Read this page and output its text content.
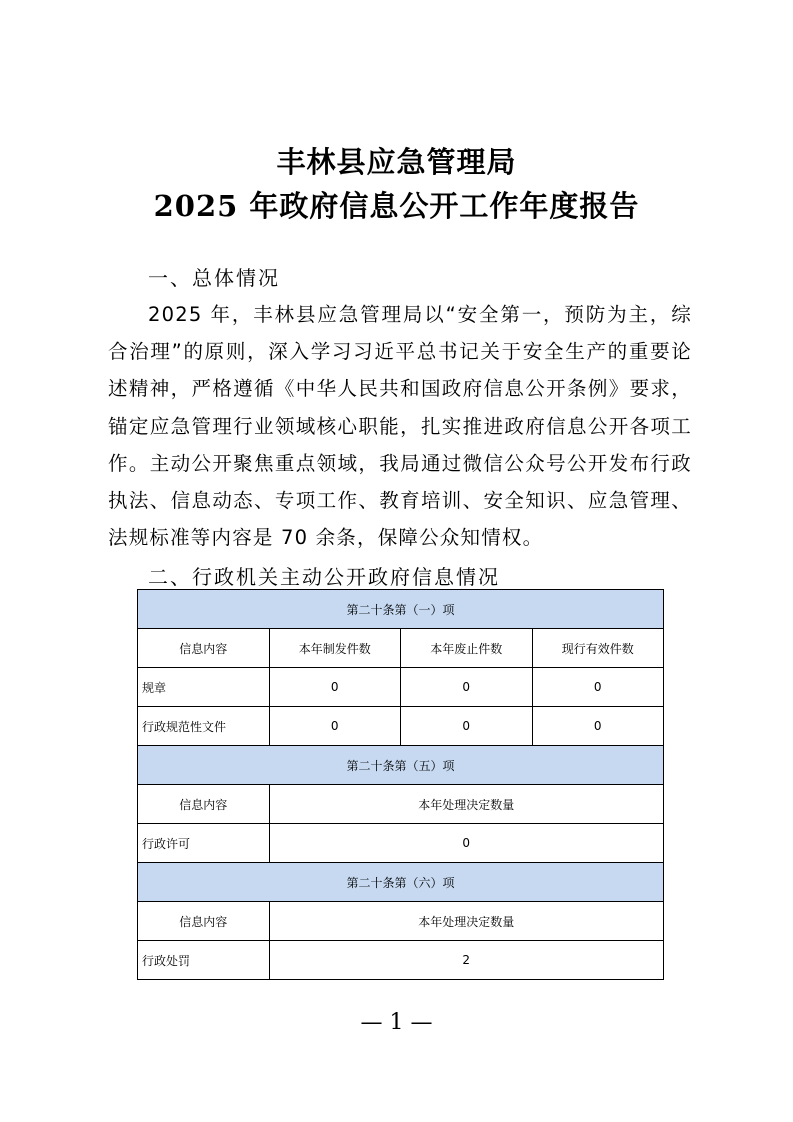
丰林县应急管理局
2025 年政府信息公开工作年度报告
一、总体情况
2025 年，丰林县应急管理局以“安全第一，预防为主，综合治理”的原则，深入学习习近平总书记关于安全生产的重要论述精神，严格遵循《中华人民共和国政府信息公开条例》要求，锚定应急管理行业领域核心职能，扎实推进政府信息公开各项工作。主动公开聚焦重点领域，我局通过微信公众号公开发布行政执法、信息动态、专项工作、教育培训、安全知识、应急管理、法规标准等内容是 70 余条，保障公众知情权。
二、行政机关主动公开政府信息情况
第二十条第（一）项			
信息内容	本年制发件数	本年废止件数	现行有效件数
规章	0	0	0
行政规范性文件	0	0	0
第二十条第（五）项			
信息内容	本年处理决定数量		
行政许可	0		
第二十条第（六）项			
信息内容	本年处理决定数量		
行政处罚	2		
— 1 —
